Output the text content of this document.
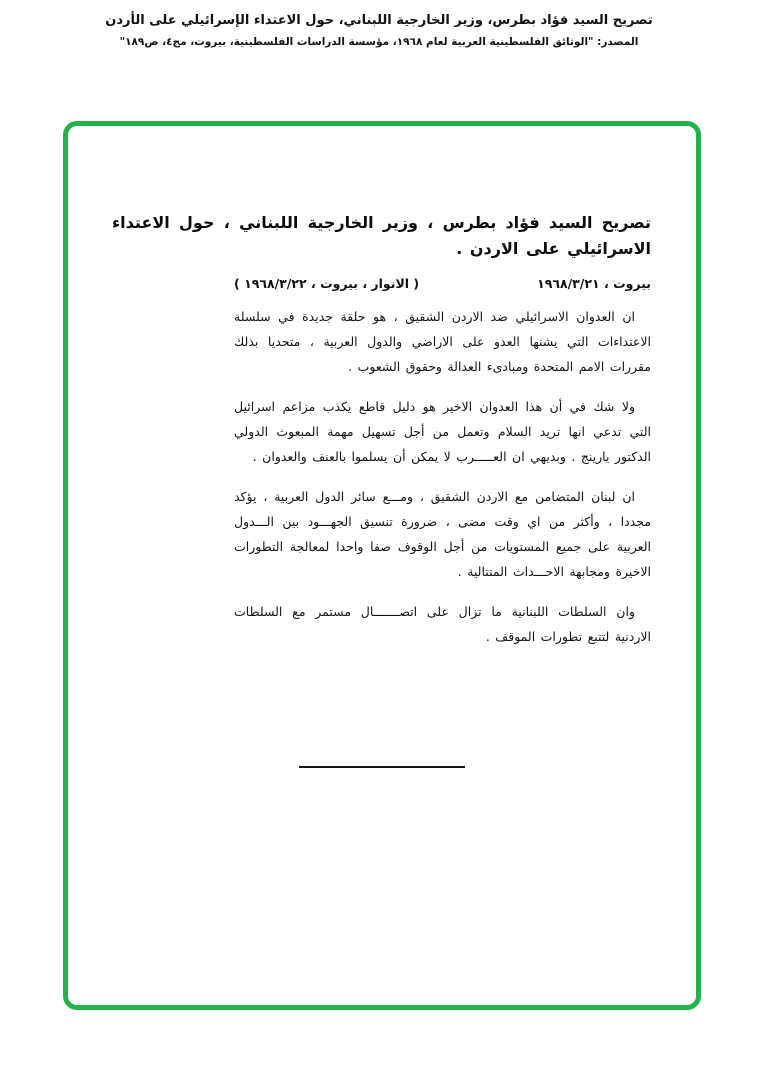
تصريح السيد فؤاد بطرس، وزير الخارجية اللبناني، حول الاعتداء الإسرائيلي على الأردن
المصدر: "الوثائق الفلسطينية العربية لعام ١٩٦٨، مؤسسة الدراسات الفلسطينية، بيروت، مج٤، ص١٨٩"
تصريح السيد فؤاد بطرس ، وزير الخارجية اللبناني ، حول الاعتداء الاسرائيلي على الاردن .
بيروت ، ١٩٦٨/٣/٢١
( الانوار ، بيروت ، ١٩٦٨/٣/٢٢ )

ان العدوان الاسرائيلي ضد الاردن الشقيق ، هو حلقة جديدة في سلسلة الاعتداءات التي يشنها العدو على الاراضي والدول العربية ، متحديا بذلك مقررات الامم المتحدة ومبادىء العدالة وحقوق الشعوب .

ولا شك في أن هذا العدوان الاخير هو دليل قاطع يكذب مزاعم اسرائيل التي تدعي انها تريد السلام وتعمل من أجل تسهيل مهمة المبعوث الدولي الدكتور يارينج . وبديهي ان العـــــرب لا يمكن أن يسلموا بالعنف والعدوان .

ان لبنان المتضامن مع الاردن الشقيق ، ومـــع سائر الدول العربية ، يؤكد مجددا ، وأكثر من اي وقت مضى ، ضرورة تنسيق الجهـــود بين الـــدول العربية على جميع المستويات من أجل الوقوف صفا واحدا لمعالجة التطورات الاخيرة ومجابهة الاحـــداث المتتالية .

وان السلطات اللبنانية ما تزال على اتصـــــــال مستمر مع السلطات الاردنية لتتبع تطورات الموقف .
